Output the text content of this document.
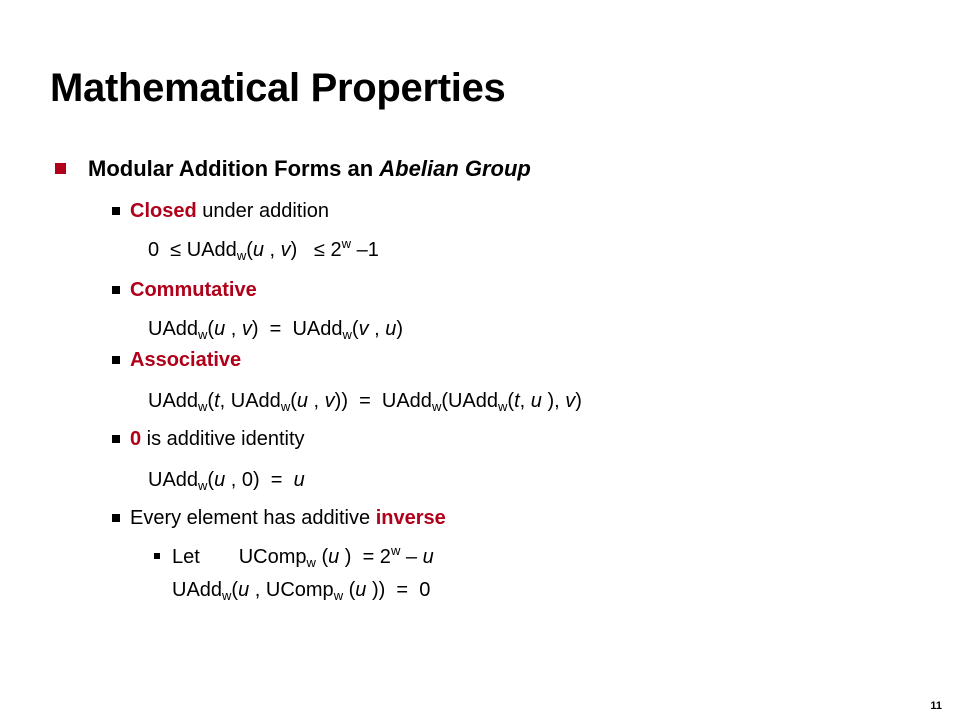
Mathematical Properties
Modular Addition Forms an Abelian Group
Closed under addition
0  ≤ UAdd$_w$(u , $v) \le 2^w$ –1
Commutative
UAdd$_w$(u , v)  =  UAdd$_w$(v , u)
Associative
UAdd$_w$(t, UAdd$_w$(u , v))  =  UAdd$_w$(UAdd$_w$(t, u ), v)
0 is additive identity
UAdd$_w$(u , 0)  =  u
Every element has additive inverse
Let       UComp$_w$ (u )  = $2^w$ – u
UAdd$_w$(u , UComp$_w$ (u ))  =  0
11
